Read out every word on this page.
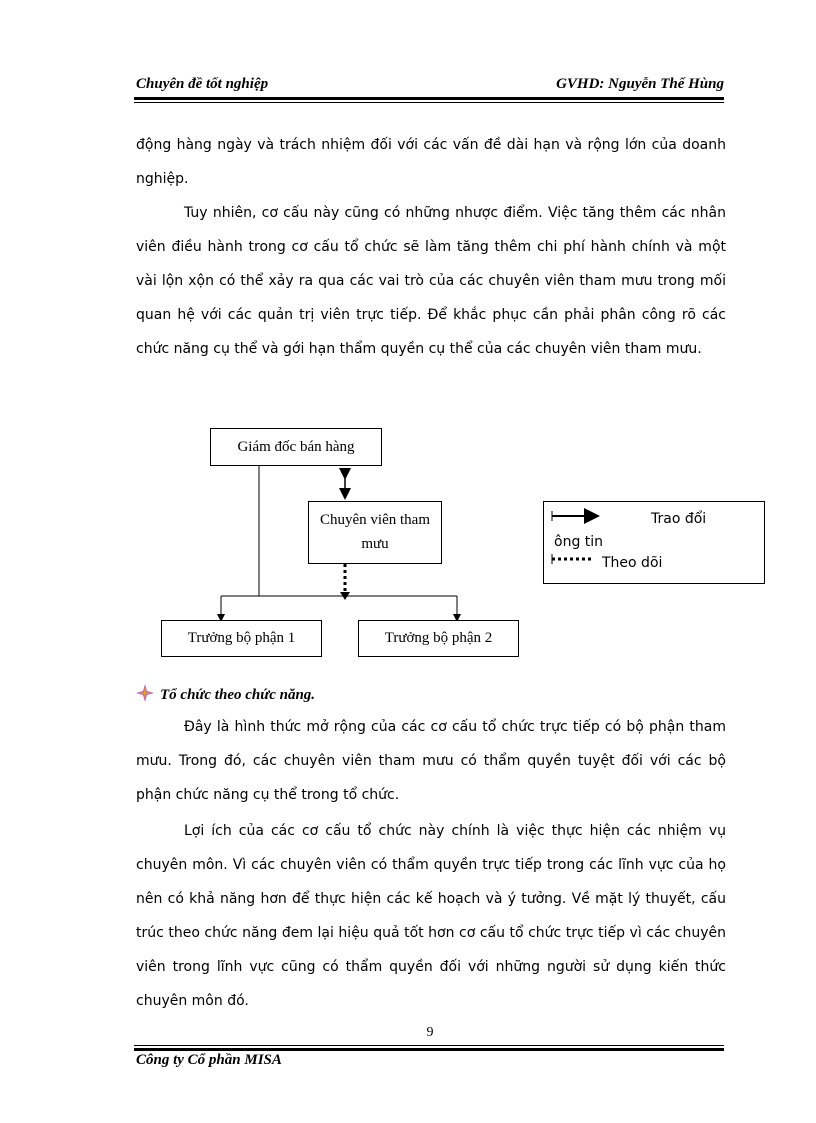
Chuyên đề tốt nghiệp	GVHD: Nguyễn Thế Hùng

động hàng ngày và trách nhiệm đối với các vấn đề dài hạn và rộng lớn của doanh nghiệp.

Tuy nhiên, cơ cấu này cũng có những nhược điểm. Việc tăng thêm các nhân viên điều hành trong cơ cấu tổ chức sẽ làm tăng thêm chi phí hành chính và một vài lộn xộn có thể xảy ra qua các vai trò của các chuyên viên tham mưu trong mối quan hệ với các quản trị viên trực tiếp. Để khắc phục cần phải phân công rõ các chức năng cụ thể và gới hạn thẩm quyền cụ thể của các chuyên viên tham mưu.

Giám đốc bán hàng
Chuyên viên tham mưu
Trưởng bộ phận 1	Trưởng bộ phận 2
Trao đổi
ông tin
Theo dõi
Tổ chức theo chức năng.

Đây là hình thức mở rộng của các cơ cấu tổ chức trực tiếp có bộ phận tham mưu. Trong đó, các chuyên viên tham mưu có thẩm quyền tuyệt đối với các bộ phận chức năng cụ thể trong tổ chức.

Lợi ích của các cơ cấu tổ chức này chính là việc thực hiện các nhiệm vụ chuyên môn. Vì các chuyên viên có thẩm quyền trực tiếp trong các lĩnh vực của họ nên có khả năng hơn để thực hiện các kế hoạch và ý tưởng. Về mặt lý thuyết, cấu trúc theo chức năng đem lại hiệu quả tốt hơn cơ cấu tổ chức trực tiếp vì các chuyên viên trong lĩnh vực cũng có thẩm quyền đối với những người sử dụng kiến thức chuyên môn đó.

9
Công ty Cổ phần MISA
